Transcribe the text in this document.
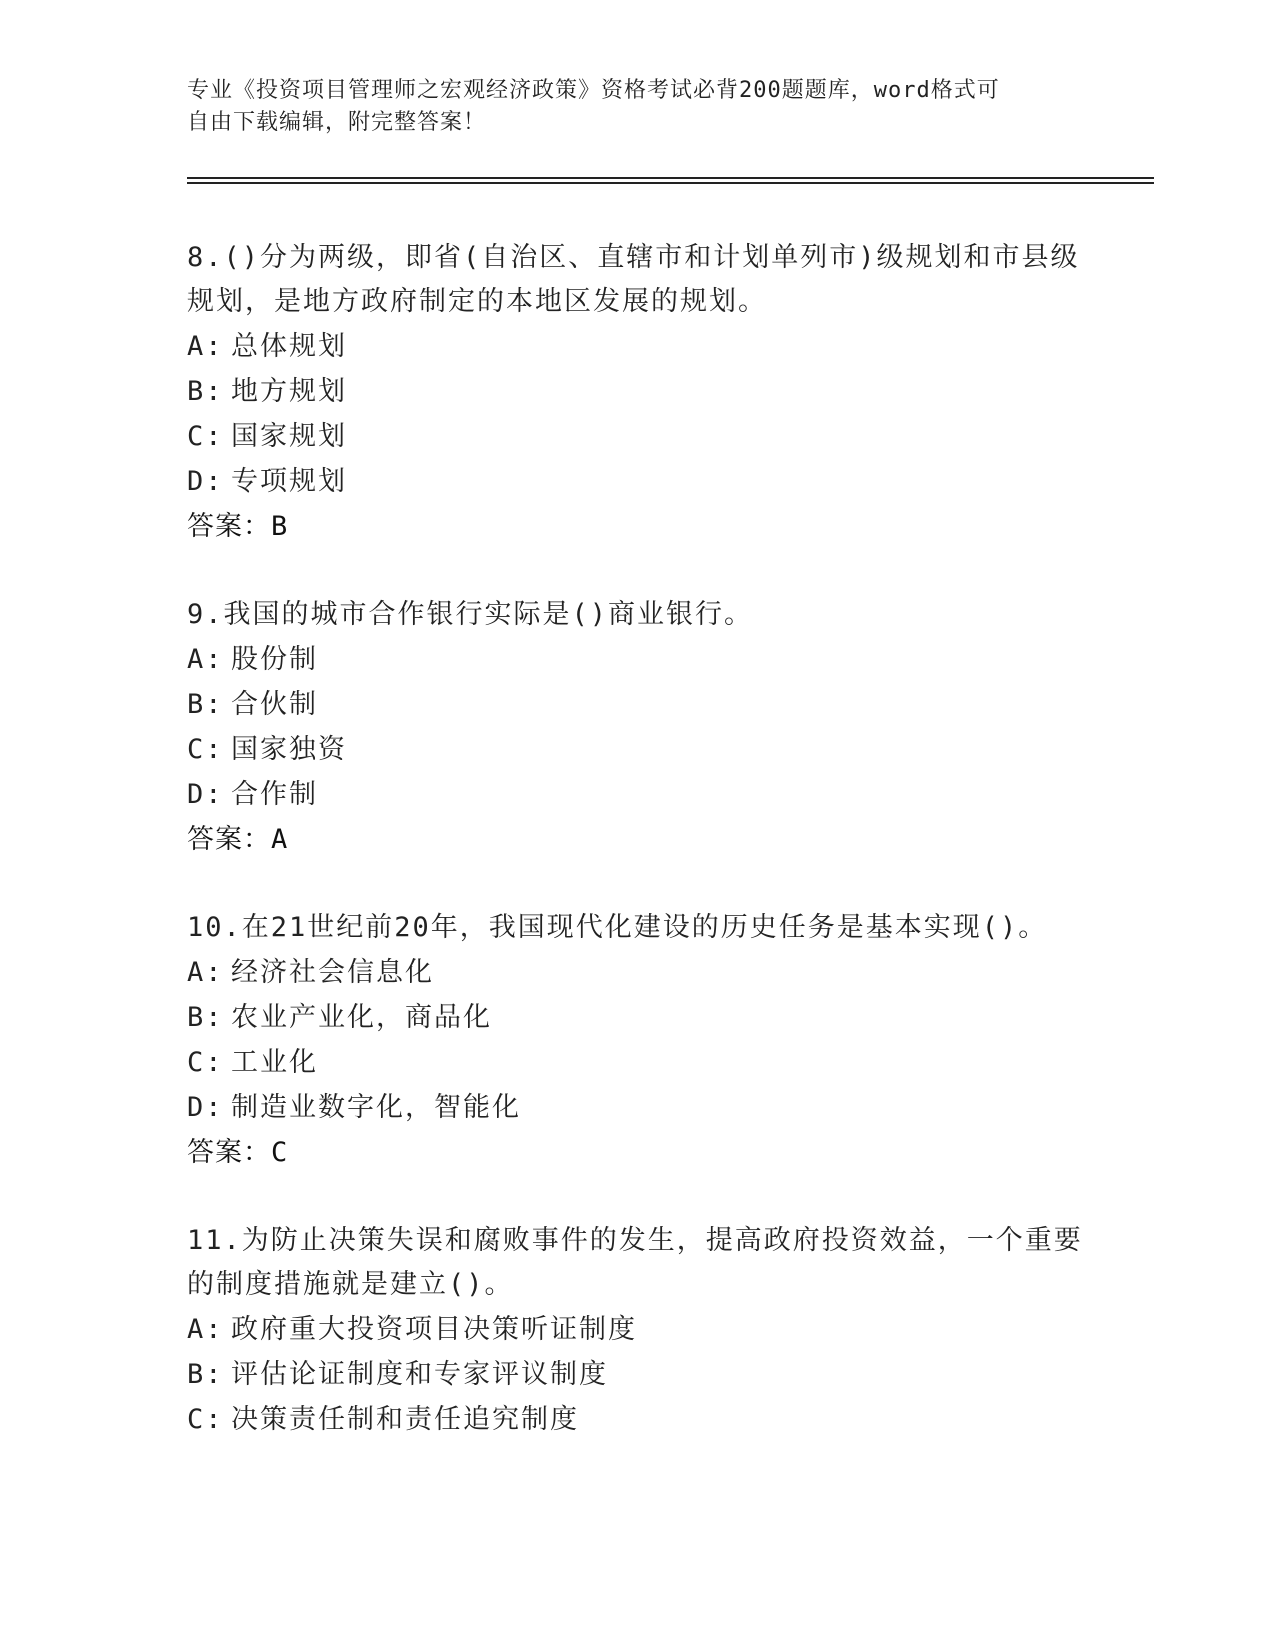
专业《投资项目管理师之宏观经济政策》资格考试必背200题题库，word格式可
自由下载编辑，附完整答案！

8.()分为两级，即省(自治区、直辖市和计划单列市)级规划和市县级规划，是地方政府制定的本地区发展的规划。

A: 总体规划
B: 地方规划
C: 国家规划
D: 专项规划
答案：B

9.我国的城市合作银行实际是()商业银行。

A: 股份制
B: 合伙制
C: 国家独资
D: 合作制
答案：A

10.在21世纪前20年，我国现代化建设的历史任务是基本实现()。

A: 经济社会信息化
B: 农业产业化，商品化
C: 工业化
D: 制造业数字化，智能化
答案：C

11.为防止决策失误和腐败事件的发生，提高政府投资效益，一个重要的制度措施就是建立()。

A: 政府重大投资项目决策听证制度
B: 评估论证制度和专家评议制度
C: 决策责任制和责任追究制度
